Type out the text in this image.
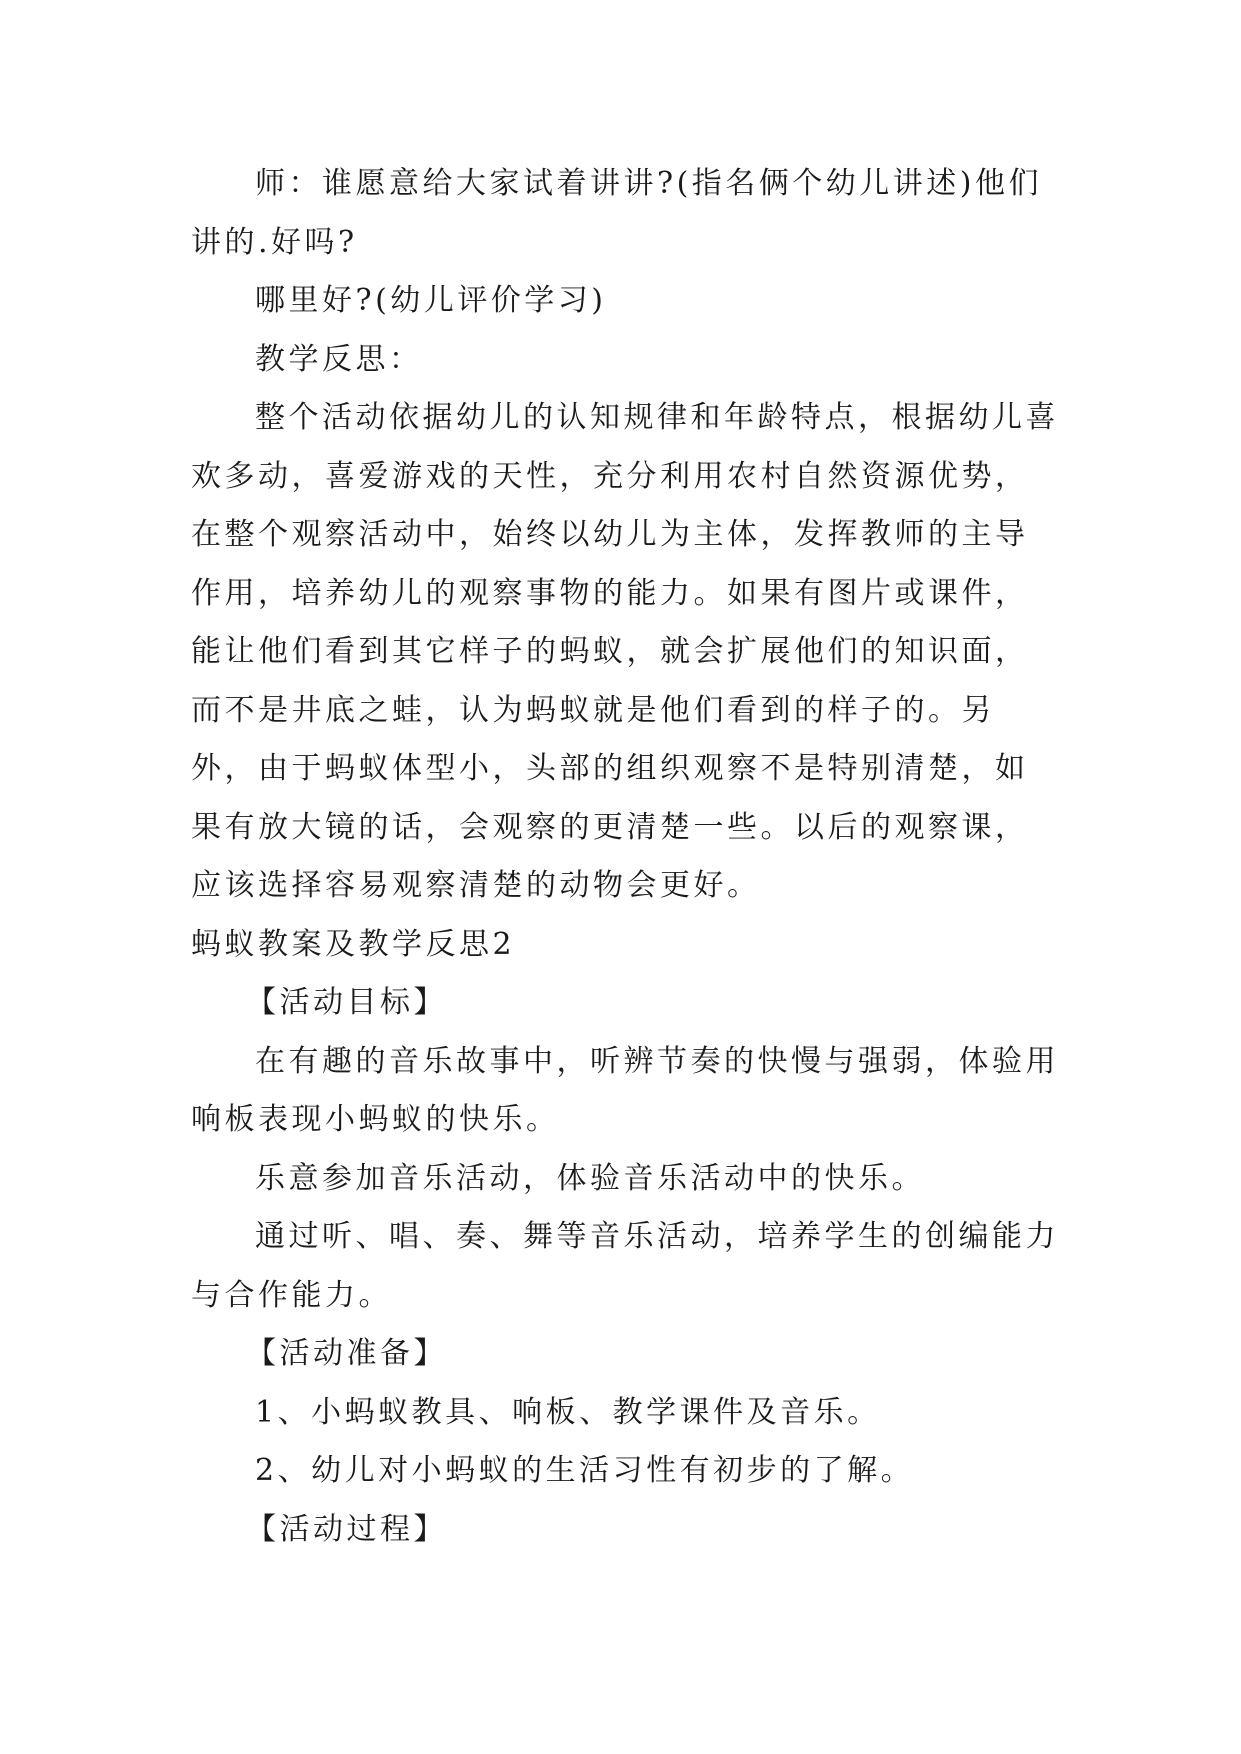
师：谁愿意给大家试着讲讲?(指名俩个幼儿讲述)他们讲的.好吗?

哪里好?(幼儿评价学习)

教学反思：

整个活动依据幼儿的认知规律和年龄特点，根据幼儿喜欢多动，喜爱游戏的天性，充分利用农村自然资源优势，在整个观察活动中，始终以幼儿为主体，发挥教师的主导作用，培养幼儿的观察事物的能力。如果有图片或课件，能让他们看到其它样子的蚂蚁，就会扩展他们的知识面，而不是井底之蛙，认为蚂蚁就是他们看到的样子的。另外，由于蚂蚁体型小，头部的组织观察不是特别清楚，如果有放大镜的话，会观察的更清楚一些。以后的观察课，应该选择容易观察清楚的动物会更好。

蚂蚁教案及教学反思2

【活动目标】

在有趣的音乐故事中，听辨节奏的快慢与强弱，体验用响板表现小蚂蚁的快乐。

乐意参加音乐活动，体验音乐活动中的快乐。

通过听、唱、奏、舞等音乐活动，培养学生的创编能力与合作能力。

【活动准备】

1、小蚂蚁教具、响板、教学课件及音乐。

2、幼儿对小蚂蚁的生活习性有初步的了解。

【活动过程】
